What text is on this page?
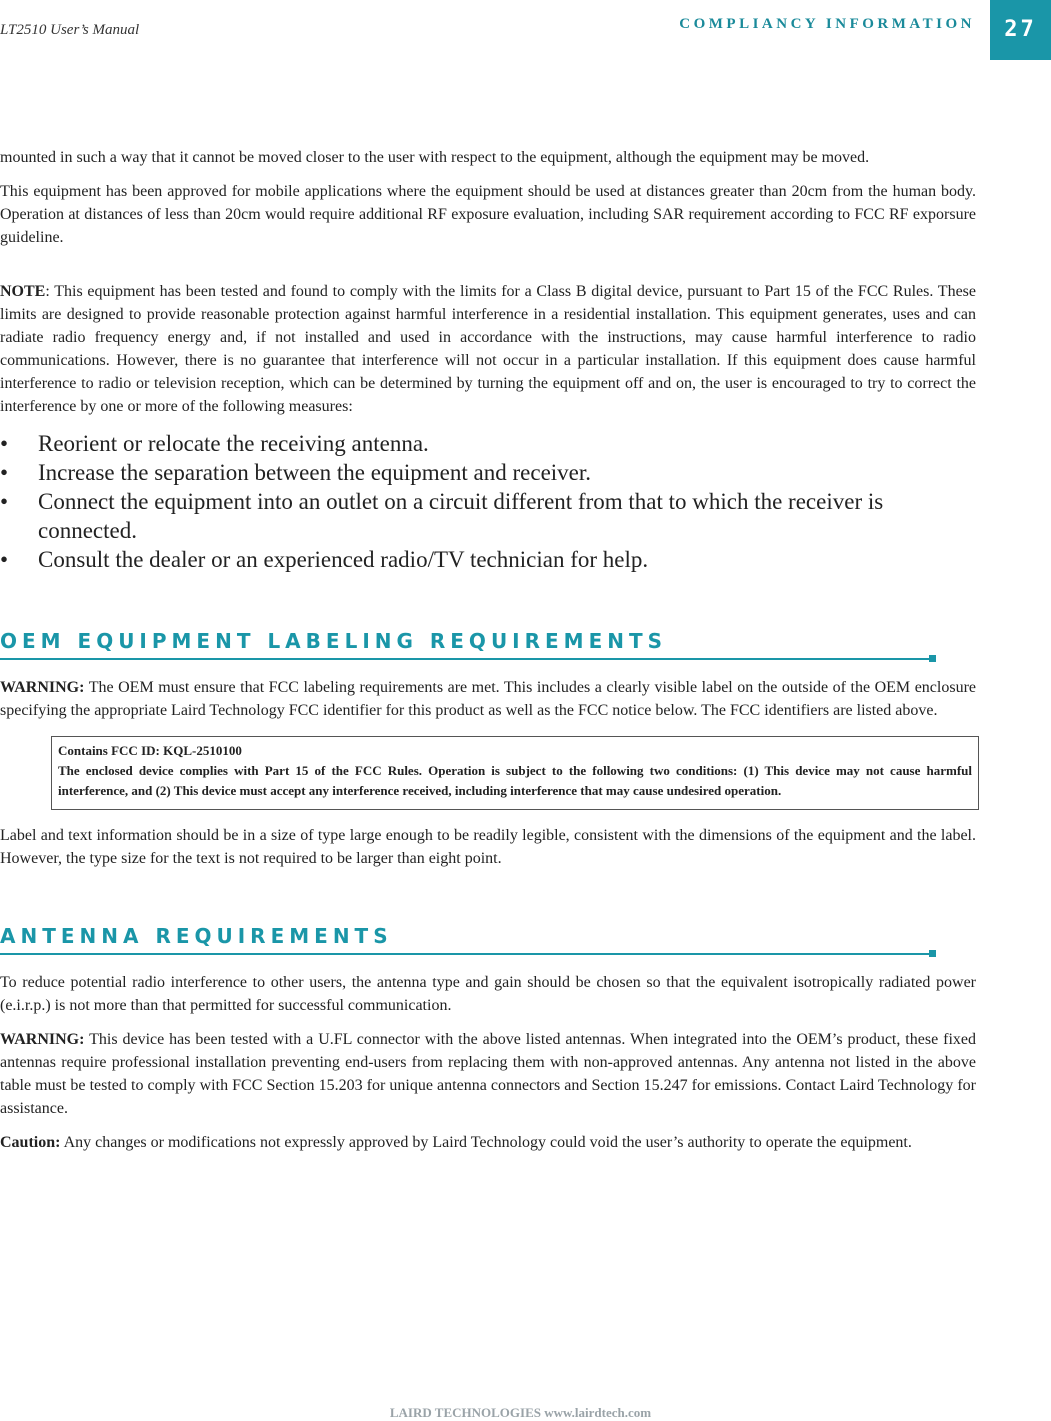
LT2510 User’s Manual	COMPLIANCY INFORMATION	27

mounted in such a way that it cannot be moved closer to the user with respect to the equipment, although the equipment may be moved.

This equipment has been approved for mobile applications where the equipment should be used at distances greater than 20cm from the human body. Operation at distances of less than 20cm would require additional RF exposure evaluation, including SAR requirement according to FCC RF exporsure guideline.

NOTE: This equipment has been tested and found to comply with the limits for a Class B digital device, pursuant to Part 15 of the FCC Rules. These limits are designed to provide reasonable protection against harmful interference in a residential installation. This equipment generates, uses and can radiate radio frequency energy and, if not installed and used in accordance with the instructions, may cause harmful interference to radio communications. However, there is no guarantee that interference will not occur in a particular installation. If this equipment does cause harmful interference to radio or television reception, which can be determined by turning the equipment off and on, the user is encouraged to try to correct the interference by one or more of the following measures:

• Reorient or relocate the receiving antenna.
• Increase the separation between the equipment and receiver.
• Connect the equipment into an outlet on a circuit different from that to which the receiver is connected.
• Consult the dealer or an experienced radio/TV technician for help.
OEM EQUIPMENT LABELING REQUIREMENTS

WARNING: The OEM must ensure that FCC labeling requirements are met. This includes a clearly visible label on the outside of the OEM enclosure specifying the appropriate Laird Technology FCC identifier for this product as well as the FCC notice below. The FCC identifiers are listed above.

Contains FCC ID: KQL-2510100
The enclosed device complies with Part 15 of the FCC Rules. Operation is subject to the following two conditions: (1) This device may not cause harmful interference, and (2) This device must accept any interference received, including interference that may cause undesired operation.

Label and text information should be in a size of type large enough to be readily legible, consistent with the dimensions of the equipment and the label. However, the type size for the text is not required to be larger than eight point.

ANTENNA REQUIREMENTS

To reduce potential radio interference to other users, the antenna type and gain should be chosen so that the equivalent isotropically radiated power (e.i.r.p.) is not more than that permitted for successful communication.

WARNING: This device has been tested with a U.FL connector with the above listed antennas. When integrated into the OEM’s product, these fixed antennas require professional installation preventing end-users from replacing them with non-approved antennas. Any antenna not listed in the above table must be tested to comply with FCC Section 15.203 for unique antenna connectors and Section 15.247 for emissions. Contact Laird Technology for assistance.

Caution: Any changes or modifications not expressly approved by Laird Technology could void the user’s authority to operate the equipment.

LAIRD TECHNOLOGIES www.lairdtech.com
